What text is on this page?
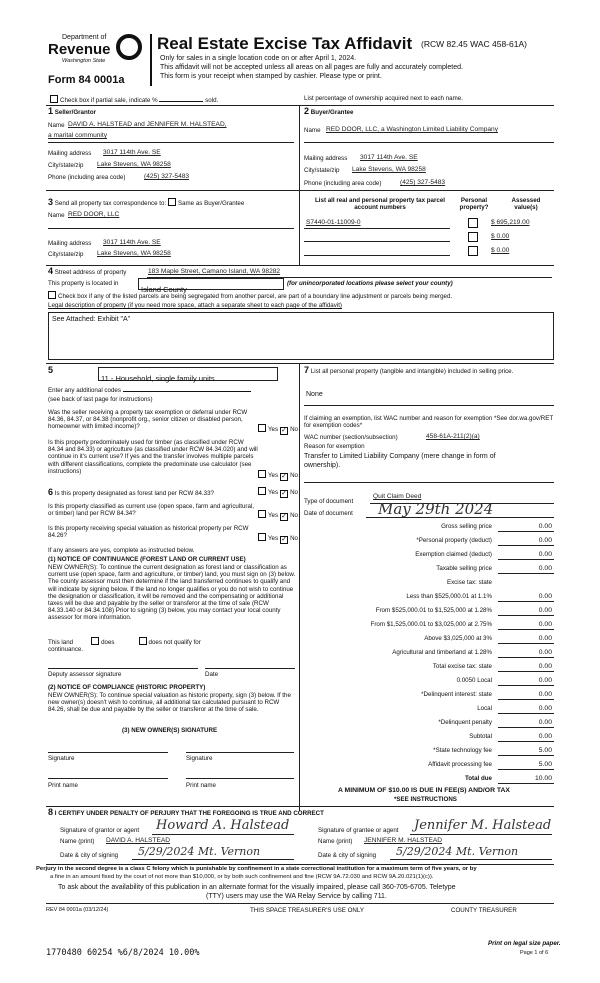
Department of
Revenue
Washington State
Form 84 0001a
Real Estate Excise Tax Affidavit (RCW 82.45 WAC 458-61A)
Only for sales in a single location code on or after April 1, 2024.
This affidavit will not be accepted unless all areas on all pages are fully and accurately completed.
This form is your receipt when stamped by cashier. Please type or print.
Check box if partial sale, indicate %	sold.	List percentage of ownership acquired next to each name.
1 Seller/Grantor
Name DAVID A. HALSTEAD and JENNIFER M. HALSTEAD,
a marital community
Mailing address 3017 114th Ave. SE
City/state/zip Lake Stevens, WA 98258
Phone (including area code)	(425) 327-5483
2 Buyer/Grantee
Name RED DOOR, LLC, a Washington Limited Liability Company
Mailing address 3017 114th Ave. SE
City/state/zip Lake Stevens, WA 98258
Phone (including area code)	(425) 327-5483
3 Send all property tax correspondence to: Same as Buyer/Grantee
Name RED DOOR, LLC
Mailing address 3017 114th Ave. SE
City/state/zip Lake Stevens, WA 98258
List all real and personal property tax parcel account numbers
Personal property?
Assessed value(s)
S7440-01-11009-0	$ 695,219.00
$ 0.00
$ 0.00
4 Street address of property	183 Maple Street, Camano Island, WA 98282
This property is located in
Island County
(for unincorporated locations please select your county)
Check box if any of the listed parcels are being segregated from another parcel, are part of a boundary line adjustment or parcels being merged.
Legal description of property (if you need more space, attach a separate sheet to each page of the affidavit)
See Attached: Exhibit "A"
5
11 - Household, single family units
Enter any additional codes
(see back of last page for instructions)
Was the seller receiving a property tax exemption or deferral under RCW 84.36, 84.37, or 84.38 (nonprofit org., senior citizen or disabled person, homeowner with limited income)?	Yes ✓ No
Is this property predominately used for timber (as classified under RCW 84.34 and 84.33) or agriculture (as classified under RCW 84.34.020) and will continue in it's current use? If yes and the transfer involves multiple parcels with different classifications, complete the predominate use calculator (see instructions)
Yes ✓ No
6 Is this property designated as forest land per RCW 84.33?	Yes ✓ No
Is this property classified as current use (open space, farm and agricultural, or timber) land per RCW 84.34?	Yes ✓ No
Is this property receiving special valuation as historical property per RCW 84.26?	Yes ✓ No
If any answers are yes, complete as instructed below.
(1) NOTICE OF CONTINUANCE (FOREST LAND OR CURRENT USE)
NEW OWNER(S): To continue the current designation as forest land or classification as current use (open space, farm and agriculture, or timber) land, you must sign on (3) below. The county assessor must then determine if the land transferred continues to qualify and will indicate by signing below. If the land no longer qualifies or you do not wish to continue the designation or classification, it will be removed and the compensating or additional taxes will be due and payable by the seller or transferor at the time of sale (RCW 84.33.140 or 84.34.108) Prior to signing (3) below, you may contact your local county assessor for more information.
This land	does	does not qualify for
continuance.
Deputy assessor signature	Date
(2) NOTICE OF COMPLIANCE (HISTORIC PROPERTY)
NEW OWNER(S): To continue special valuation as historic property, sign (3) below. If the new owner(s) doesn't wish to continue, all additional tax calculated pursuant to RCW 84.26, shall be due and payable by the seller or transferor at the time of sale.
(3) NEW OWNER(S) SIGNATURE
Signature	Signature
Print name	Print name
7 List all personal property (tangible and intangible) included in selling price.
None
If claiming an exemption, list WAC number and reason for exemption *See dor.wa.gov/RET for exemption codes*
WAC number (section/subsection)	458-61A-211(2)(a)
Reason for exemption
Transfer to Limited Liability Company (mere change in form of ownership).
Type of document
Quit Claim Deed
Date of document May 29th 2024
Gross selling price	0.00
*Personal property (deduct)	0.00
Exemption claimed (deduct)	0.00
Taxable selling price	0.00
Excise tax: state
Less than $525,000.01 at 1.1%	0.00
From $525,000.01 to $1,525,000 at 1.28%	0.00
From $1,525,000.01 to $3,025,000 at 2.75%	0.00
Above $3,025,000 at 3%	0.00
Agricultural and timberland at 1.28%	0.00
Total excise tax: state	0.00
0.0050 Local	0.00
*Delinquent interest: state	0.00
Local	0.00
*Delinquent penalty	0.00
Subtotal	0.00
*State technology fee	5.00
Affidavit processing fee	5.00
Total due	10.00
A MINIMUM OF $10.00 IS DUE IN FEE(S) AND/OR TAX
*SEE INSTRUCTIONS
8 I CERTIFY UNDER PENALTY OF PERJURY THAT THE FOREGOING IS TRUE AND CORRECT
Signature of grantor or agent Howard A. Halstead
Name (print) DAVID A. HALSTEAD
Date & city of signing 5/29/2024 Mt. Vernon
Signature of grantee or agent Jennifer M. Halstead
Name (print) JENNIFER M. HALSTEAD
Date & city of signing 5/29/2024 Mt. Vernon
Perjury in the second degree is a class C felony which is punishable by confinement in a state correctional institution for a maximum term of five years, or by
a fine in an amount fixed by the court of not more than $10,000, or by both such confinement and fine (RCW 9A.72.030 and RCW 9A.20.021(1)(c)).
To ask about the availability of this publication in an alternate format for the visually impaired, please call 360-705-6705. Teletype
(TTY) users may use the WA Relay Service by calling 711.
REV 84 0001a (03/12/24)	THIS SPACE TREASURER'S USE ONLY	COUNTY TREASURER
1770480 60254 %6/8/2024 10.00%
Print on legal size paper.
Page 1 of 6
